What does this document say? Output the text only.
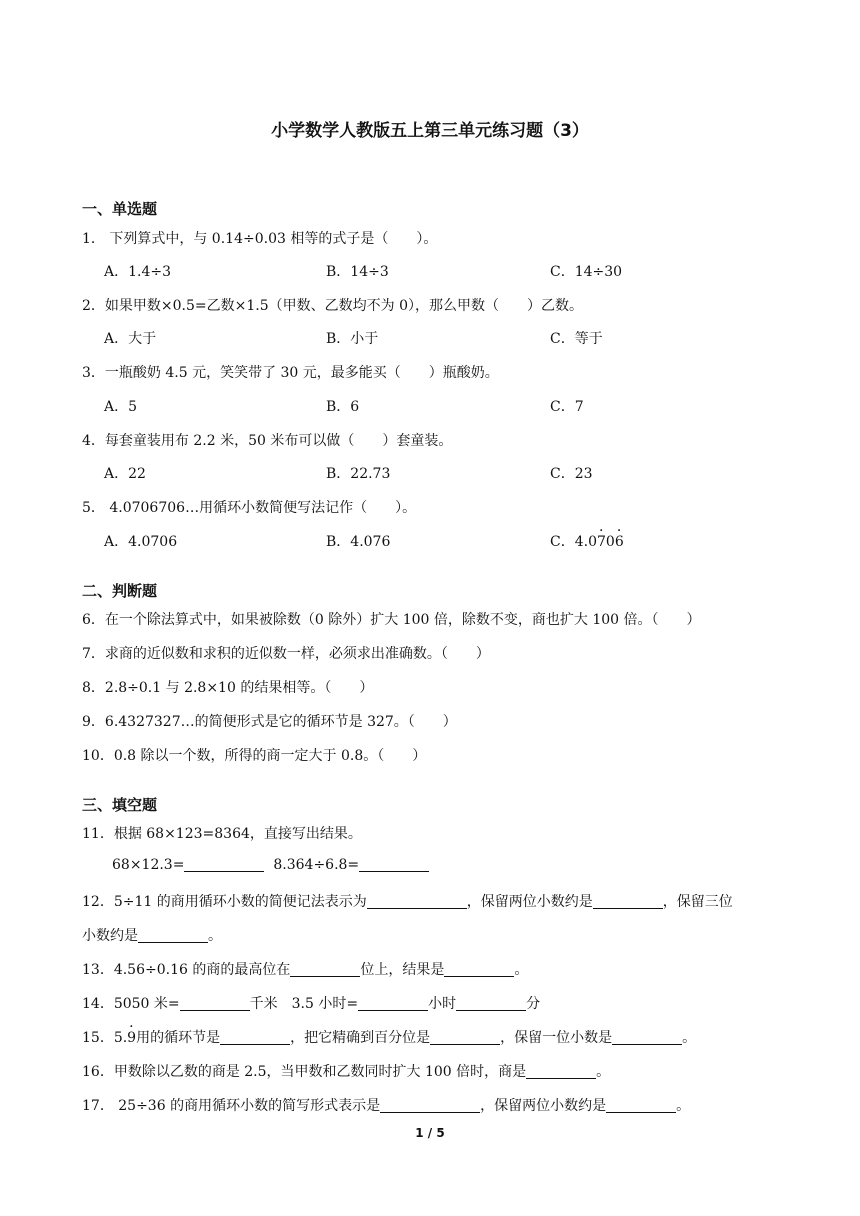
小学数学人教版五上第三单元练习题（3）
一、单选题
1． 下列算式中，与 0.14÷0.03 相等的式子是（　　）。
A．1.4÷3	B．14÷3	C．14÷30
2．如果甲数×0.5=乙数×1.5（甲数、乙数均不为 0），那么甲数（　　）乙数。
A．大于	B．小于	C．等于
3．一瓶酸奶 4.5 元，笑笑带了 30 元，最多能买（　　）瓶酸奶。
A．5	B．6	C．7
4．每套童装用布 2.2 米，50 米布可以做（　　）套童装。
A．22	B．22.73	C．23
5． 4.0706706…用循环小数简便写法记作（　　）。
A．4.0706	B．4.076	C．4.0· 70· 6
二、判断题
6．在一个除法算式中，如果被除数（0 除外）扩大 100 倍，除数不变，商也扩大 100 倍。（　　）
7．求商的近似数和求积的近似数一样，必须求出准确数。（　　）
8．2.8÷0.1 与 2.8×10 的结果相等。（　　）
9．6.4327327…的简便形式是它的循环节是 327。（　　）
10．0.8 除以一个数，所得的商一定大于 0.8。（　　）
三、填空题
11．根据 68×123=8364，直接写出结果。
68×12.3=	8.364÷6.8=
12．5÷11 的商用循环小数的简便记法表示为	，保留两位小数约是	，保留三位
小数约是	。
13．4.56÷0.16 的商的最高位在	位上，结果是	。
14．5050 米=	千米　3.5 小时=	小时	分
15．5.· 9用的循环节是	，把它精确到百分位是	，保留一位小数是	。
16．甲数除以乙数的商是 2.5，当甲数和乙数同时扩大 100 倍时，商是	。
17． 25÷36 的商用循环小数的简写形式表示是	，保留两位小数约是	。
1 / 5
